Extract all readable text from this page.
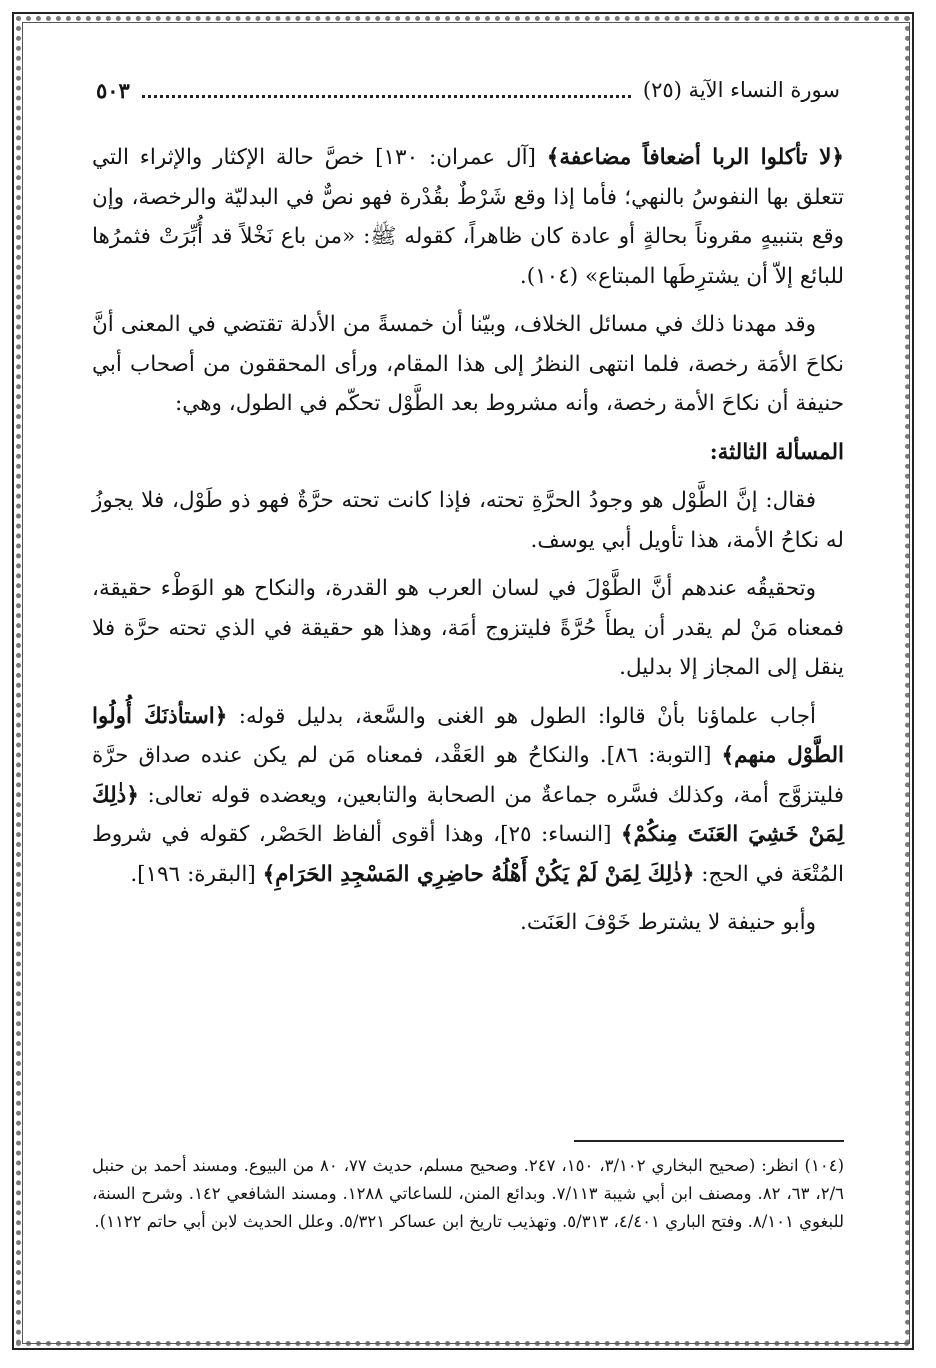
سورة النساء الآية (٢٥)
٥٠٣

﴿لا تأكلوا الربا أضعافاً مضاعفة﴾ [آل عمران: ١٣٠] خصَّ حالة الإكثار والإثراء التي تتعلق بها النفوسُ بالنهي؛ فأما إذا وقع شَرْطٌ بقُدْرة فهو نصٌّ في البدليّة والرخصة، وإن وقع بتنبيهٍ مقروناً بحالةٍ أو عادة كان ظاهراً، كقوله ﷺ: «من باع نَخْلاً قد أُبِّرَتْ فثمرُها للبائع إلاّ أن يشترِطَها المبتاع» (١٠٤).

وقد مهدنا ذلك في مسائل الخلاف، وبيّنا أن خمسةً من الأدلة تقتضي في المعنى أنَّ نكاحَ الأمَة رخصة، فلما انتهى النظرُ إلى هذا المقام، ورأى المحققون من أصحاب أبي حنيفة أن نكاحَ الأمة رخصة، وأنه مشروط بعد الطَّوْل تحكّم في الطول، وهي:

المسألة الثالثة:

فقال: إنَّ الطَّوْل هو وجودُ الحرَّةِ تحته، فإذا كانت تحته حرَّةٌ فهو ذو طَوْل، فلا يجوزُ له نكاحُ الأمة، هذا تأويل أبي يوسف.

وتحقيقُه عندهم أنَّ الطَّوْلَ في لسان العرب هو القدرة، والنكاح هو الوَطْء حقيقة، فمعناه مَنْ لم يقدر أن يطأَ حُرَّةً فليتزوج أمَة، وهذا هو حقيقة في الذي تحته حرَّة فلا ينقل إلى المجاز إلا بدليل.

أجاب علماؤنا بأنْ قالوا: الطول هو الغنى والسَّعة، بدليل قوله: ﴿استأذنَكَ أُولُوا الطَّوْل منهم﴾ [التوبة: ٨٦]. والنكاحُ هو العَقْد، فمعناه مَن لم يكن عنده صداق حرَّة فليتزوَّج أمة، وكذلك فسَّره جماعةٌ من الصحابة والتابعين، ويعضده قوله تعالى: ﴿ذٰلِكَ لِمَنْ خَشِيَ العَنَتَ مِنكُمْ﴾ [النساء: ٢٥]، وهذا أقوى ألفاظ الحَصْر، كقوله في شروط المُتْعَة في الحج: ﴿ذٰلِكَ لِمَنْ لَمْ يَكُنْ أَهْلُهُ حاضِرِي المَسْجِدِ الحَرَامِ﴾ [البقرة: ١٩٦].

وأبو حنيفة لا يشترط خَوْفَ العَنَت.

(١٠٤) انظر: (صحيح البخاري ٣/١٠٢، ١٥٠، ٢٤٧. وصحيح مسلم، حديث ٧٧، ٨٠ من البيوع. ومسند أحمد بن حنبل ٢/٦، ٦٣، ٨٢. ومصنف ابن أبي شيبة ٧/١١٣. وبدائع المنن، للساعاتي ١٢٨٨. ومسند الشافعي ١٤٢. وشرح السنة، للبغوي ٨/١٠١. وفتح الباري ٤/٤٠١، ٥/٣١٣. وتهذيب تاريخ ابن عساكر ٥/٣٢١. وعلل الحديث لابن أبي حاتم ١١٢٢).
